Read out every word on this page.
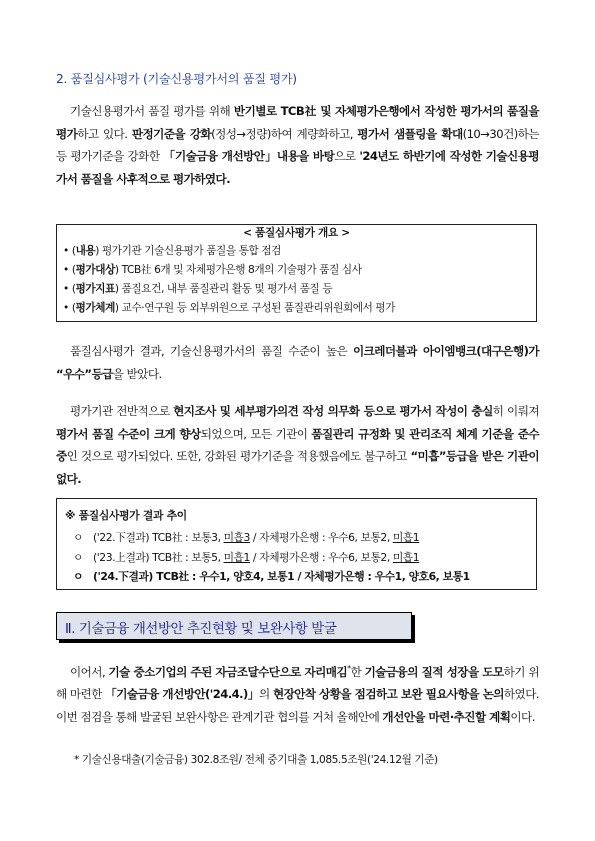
2. 품질심사평가 (기술신용평가서의 품질 평가)

기술신용평가서 품질 평가를 위해 반기별로 TCB社 및 자체평가은행에서 작성한 평가서의 품질을 평가하고 있다. 판정기준을 강화(정성→정량)하여 계량화하고, 평가서 샘플링을 확대(10→30건)하는 등 평가기준을 강화한 「기술금융 개선방안」내용을 바탕으로 '24년도 하반기에 작성한 기술신용평가서 품질을 사후적으로 평가하였다.

< 품질심사평가 개요 >
• (내용) 평가기관 기술신용평가 품질을 통합 점검
• (평가대상) TCB社 6개 및 자체평가은행 8개의 기술평가 품질 심사
• (평가지표) 품질요건, 내부 품질관리 활동 및 평가서 품질 등
• (평가체계) 교수·연구원 등 외부위원으로 구성된 품질관리위원회에서 평가

품질심사평가 결과, 기술신용평가서의 품질 수준이 높은 이크레더블과 아이엠뱅크(대구은행)가 “우수”등급을 받았다.

평가기관 전반적으로 현지조사 및 세부평가의견 작성 의무화 등으로 평가서 작성이 충실히 이뤄져 평가서 품질 수준이 크게 향상되었으며, 모든 기관이 품질관리 규정화 및 관리조직 체계 기준을 준수중인 것으로 평가되었다. 또한, 강화된 평가기준을 적용했음에도 불구하고 “미흡”등급을 받은 기관이 없다.

※ 품질심사평가 결과 추이
ㅇ ('22.下결과) TCB社 : 보통3, 미흡3 / 자체평가은행 : 우수6, 보통2, 미흡1
ㅇ ('23.上결과) TCB社 : 보통5, 미흡1 / 자체평가은행 : 우수6, 보통2, 미흡1
ㅇ ('24.下결과) TCB社 : 우수1, 양호4, 보통1 / 자체평가은행 : 우수1, 양호6, 보통1
Ⅱ. 기술금융 개선방안 추진현황 및 보완사항 발굴

이어서, 기술 중소기업의 주된 자금조달수단으로 자리매김*한 기술금융의 질적 성장을 도모하기 위해 마련한 「기술금융 개선방안('24.4.)」의 현장안착 상황을 점검하고 보완 필요사항을 논의하였다. 이번 점검을 통해 발굴된 보완사항은 관계기관 협의를 거쳐 올해안에 개선안을 마련·추진할 계획이다.

* 기술신용대출(기술금융) 302.8조원/ 전체 중기대출 1,085.5조원('24.12월 기준)
